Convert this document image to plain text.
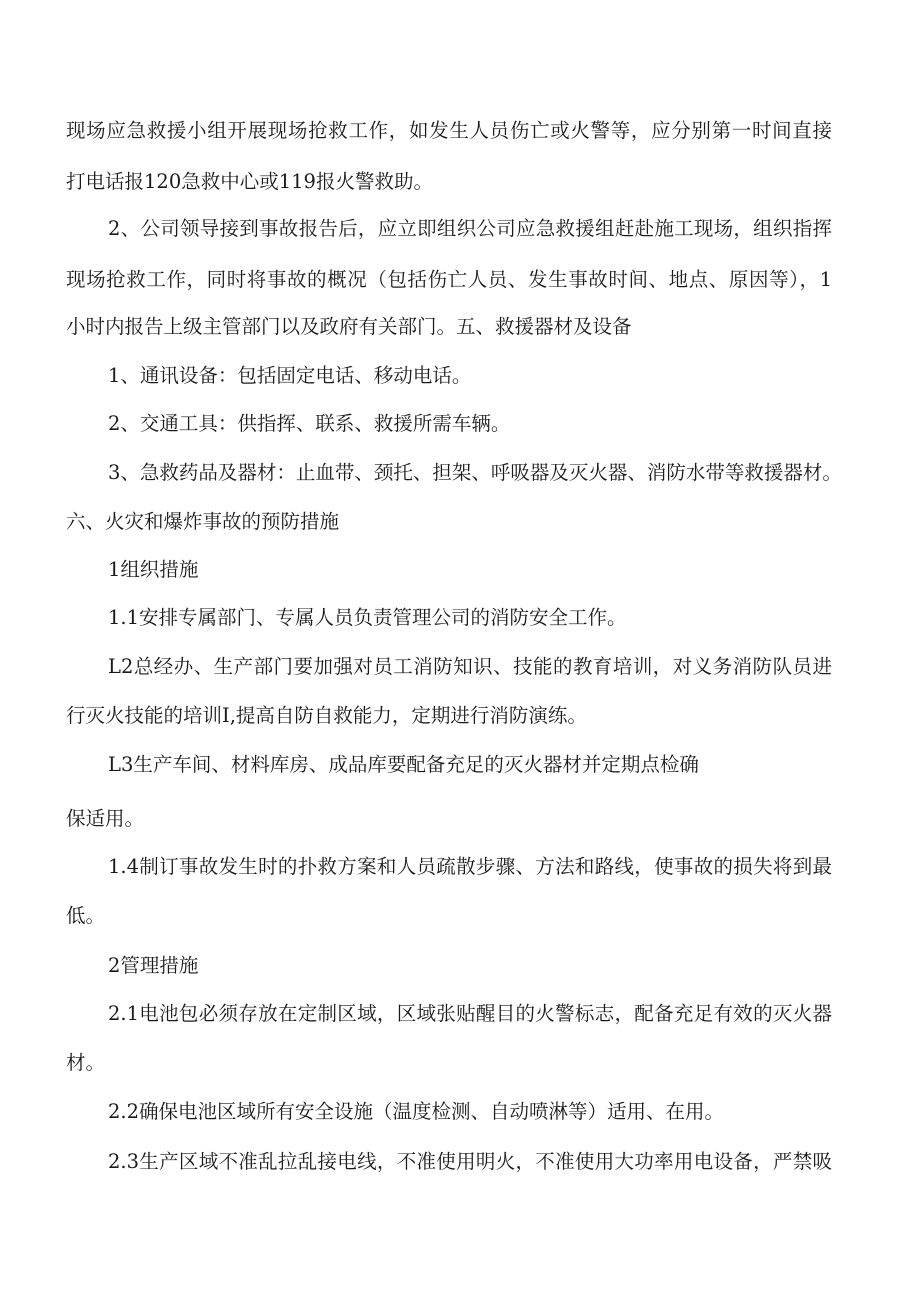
现场应急救援小组开展现场抢救工作，如发生人员伤亡或火警等，应分别第一时间直接
打电话报120急救中心或119报火警救助。
2、公司领导接到事故报告后，应立即组织公司应急救援组赶赴施工现场，组织指挥
现场抢救工作，同时将事故的概况（包括伤亡人员、发生事故时间、地点、原因等），1
小时内报告上级主管部门以及政府有关部门。五、救援器材及设备
1、通讯设备：包括固定电话、移动电话。
2、交通工具：供指挥、联系、救援所需车辆。
3、急救药品及器材：止血带、颈托、担架、呼吸器及灭火器、消防水带等救援器材。
六、火灾和爆炸事故的预防措施
1组织措施
1.1安排专属部门、专属人员负责管理公司的消防安全工作。
L2总经办、生产部门要加强对员工消防知识、技能的教育培训，对义务消防队员进
行灭火技能的培训I,提高自防自救能力，定期进行消防演练。
L3生产车间、材料库房、成品库要配备充足的灭火器材并定期点检确
保适用。
1.4制订事故发生时的扑救方案和人员疏散步骤、方法和路线，使事故的损失将到最
低。
2管理措施
2.1电池包必须存放在定制区域，区域张贴醒目的火警标志，配备充足有效的灭火器
材。
2.2确保电池区域所有安全设施（温度检测、自动喷淋等）适用、在用。
2.3生产区域不准乱拉乱接电线，不准使用明火，不准使用大功率用电设备，严禁吸
